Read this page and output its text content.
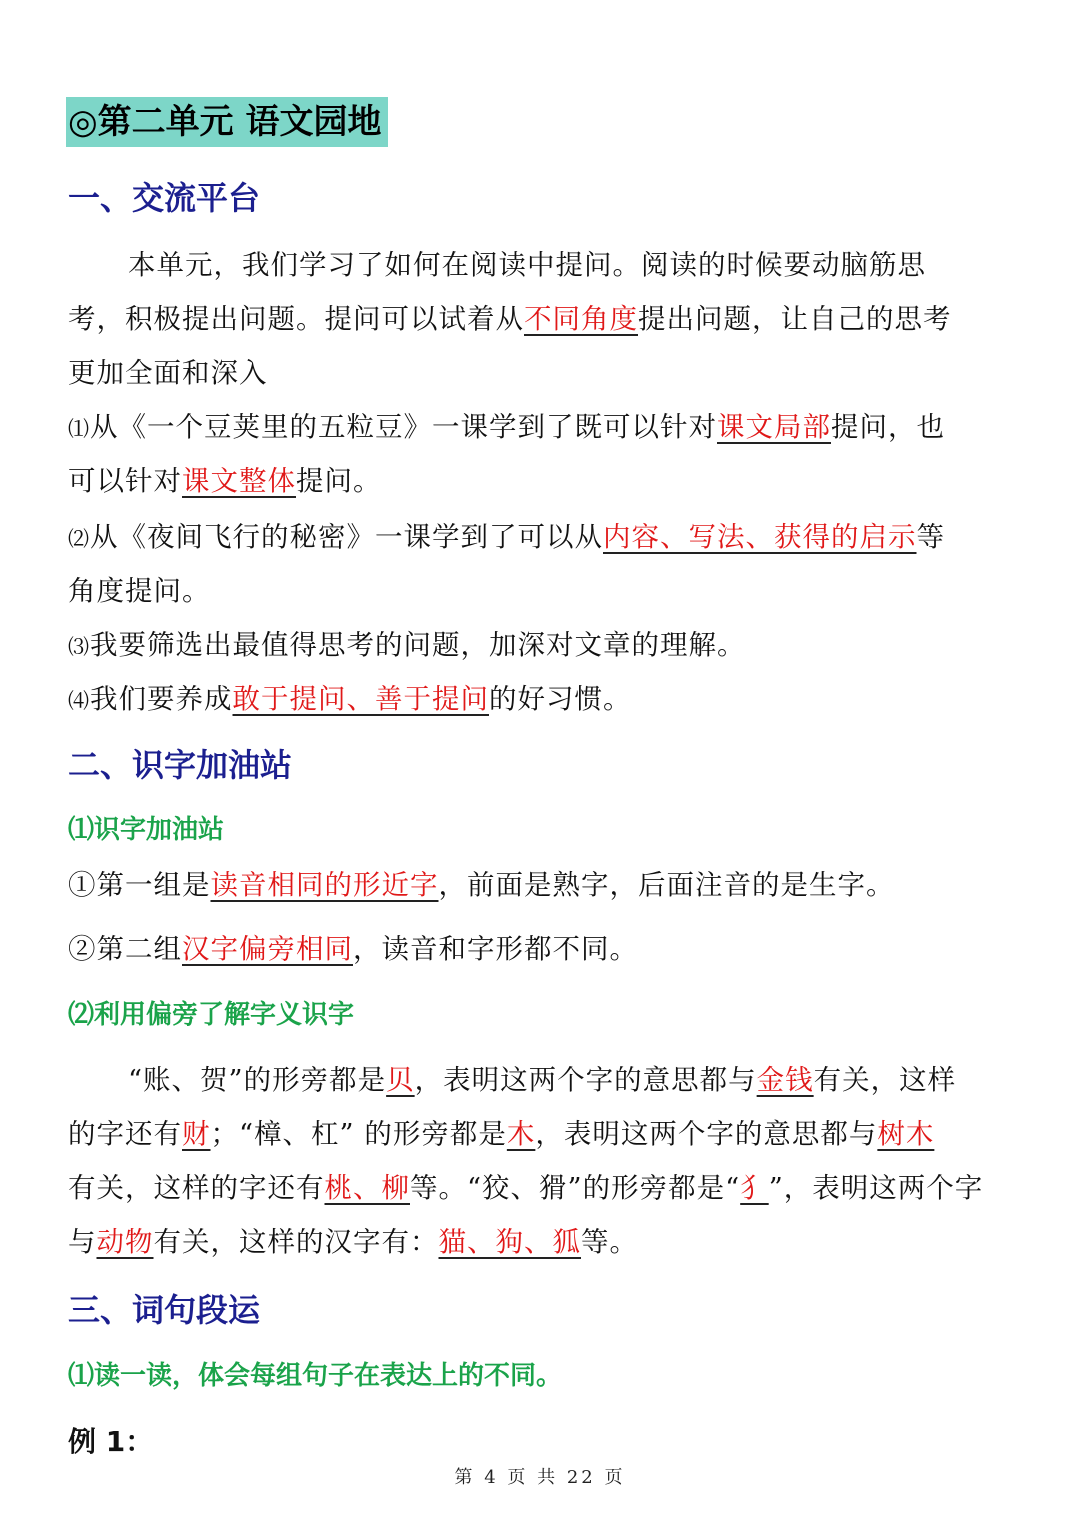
◎第二单元 语文园地
一、交流平台
本单元，我们学习了如何在阅读中提问。阅读的时候要动脑筋思
考，积极提出问题。提问可以试着从不同角度提出问题，让自己的思考
更加全面和深入
⑴从《一个豆荚里的五粒豆》一课学到了既可以针对课文局部提问，也
可以针对课文整体提问。
⑵从《夜间飞行的秘密》一课学到了可以从内容、写法、获得的启示等
角度提问。
⑶我要筛选出最值得思考的问题，加深对文章的理解。
⑷我们要养成敢于提问、善于提问的好习惯。
二、识字加油站
⑴识字加油站
①第一组是读音相同的形近字，前面是熟字，后面注音的是生字。
②第二组汉字偏旁相同，读音和字形都不同。
⑵利用偏旁了解字义识字
“账、贺”的形旁都是贝，表明这两个字的意思都与金钱有关，这样
的字还有财；“樟、杠” 的形旁都是木，表明这两个字的意思都与树木
有关，这样的字还有桃、柳等。“狡、猾”的形旁都是“犭”，表明这两个字
与动物有关，这样的汉字有：猫、狗、狐等。
三、词句段运
⑴读一读，体会每组句子在表达上的不同。
例 1：
第 4 页 共 22 页
